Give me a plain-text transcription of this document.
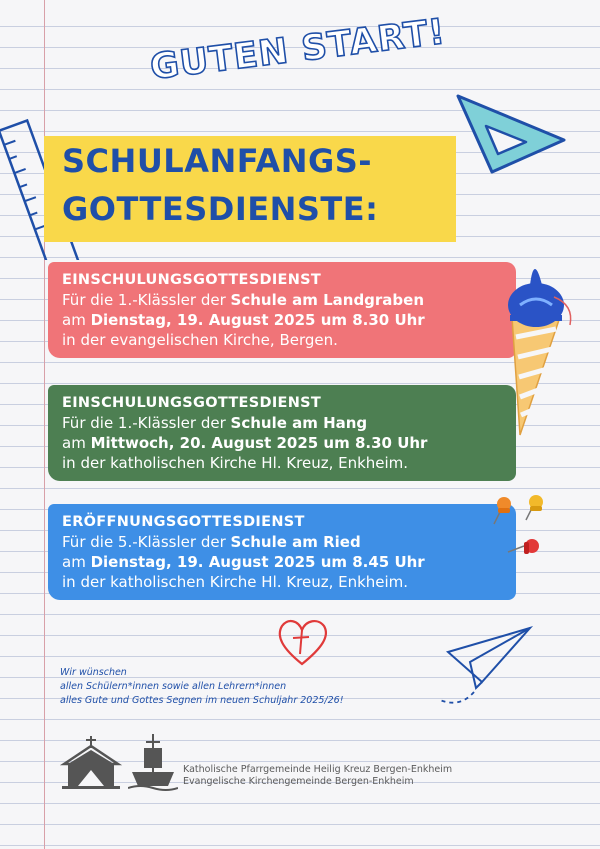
GUTEN START!
SCHULANFANGS-
GOTTESDIENSTE:
EINSCHULUNGSGOTTESDIENST
Für die 1.-Klässler der Schule am Landgraben
am Dienstag, 19. August 2025 um 8.30 Uhr
in der evangelischen Kirche, Bergen.
EINSCHULUNGSGOTTESDIENST
Für die 1.-Klässler der Schule am Hang
am Mittwoch, 20. August 2025 um 8.30 Uhr
in der katholischen Kirche Hl. Kreuz, Enkheim.
ERÖFFNUNGSGOTTESDIENST
Für die 5.-Klässler der Schule am Ried
am Dienstag, 19. August 2025 um 8.45 Uhr
in der katholischen Kirche Hl. Kreuz, Enkheim.
Wir wünschen
allen Schülern*innen sowie allen Lehrern*innen
alles Gute und Gottes Segnen im neuen Schuljahr 2025/26!
Katholische Pfarrgemeinde Heilig Kreuz Bergen-Enkheim
Evangelische Kirchengemeinde Bergen-Enkheim
